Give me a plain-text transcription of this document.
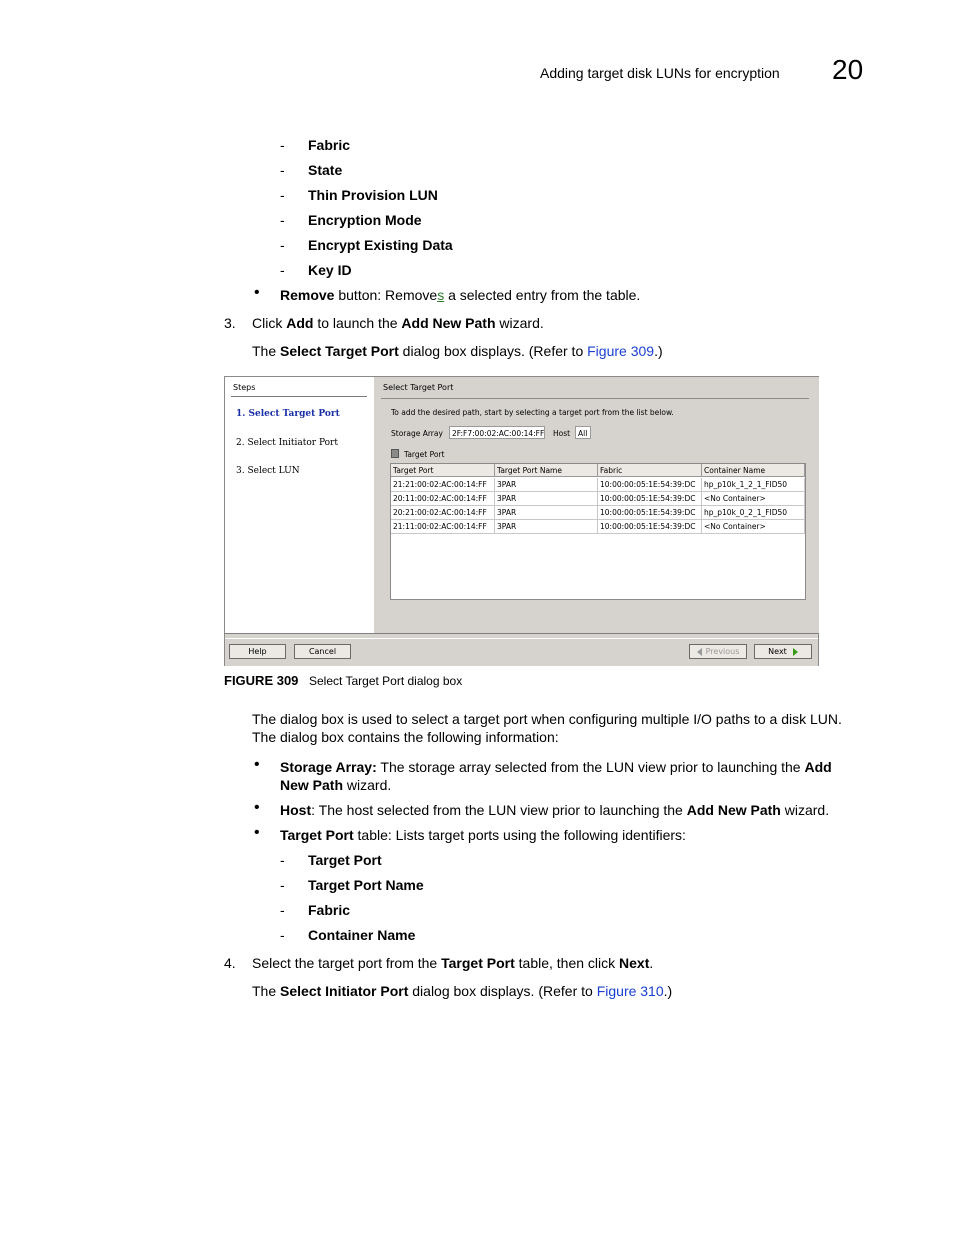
Adding target disk LUNs for encryption 20
- Fabric
- State
- Thin Provision LUN
- Encryption Mode
- Encrypt Existing Data
- Key ID
• Remove button: Removes a selected entry from the table.
3. Click Add to launch the Add New Path wizard.
The Select Target Port dialog box displays. (Refer to Figure 309.)
Steps
1. Select Target Port
2. Select Initiator Port
3. Select LUN
Select Target Port
To add the desired path, start by selecting a target port from the list below.
Storage Array	2F:F7:00:02:AC:00:14:FF Host	All
Target Port
Target Port	Target Port Name	Fabric	Container Name
21:21:00:02:AC:00:14:FF	3PAR	10:00:00:05:1E:54:39:DC	hp_p10k_1_2_1_FID50
20:11:00:02:AC:00:14:FF	3PAR	10:00:00:05:1E:54:39:DC	<No Container>
20:21:00:02:AC:00:14:FF	3PAR	10:00:00:05:1E:54:39:DC	hp_p10k_0_2_1_FID50
21:11:00:02:AC:00:14:FF	3PAR	10:00:00:05:1E:54:39:DC	<No Container>
Help	Cancel	Previous	Next
FIGURE 309 Select Target Port dialog box
The dialog box is used to select a target port when configuring multiple I/O paths to a disk LUN.
The dialog box contains the following information:
• Storage Array: The storage array selected from the LUN view prior to launching the Add
New Path wizard.
• Host: The host selected from the LUN view prior to launching the Add New Path wizard.
• Target Port table: Lists target ports using the following identifiers:
- Target Port
- Target Port Name
- Fabric
- Container Name
4. Select the target port from the Target Port table, then click Next.
The Select Initiator Port dialog box displays. (Refer to Figure 310.)
